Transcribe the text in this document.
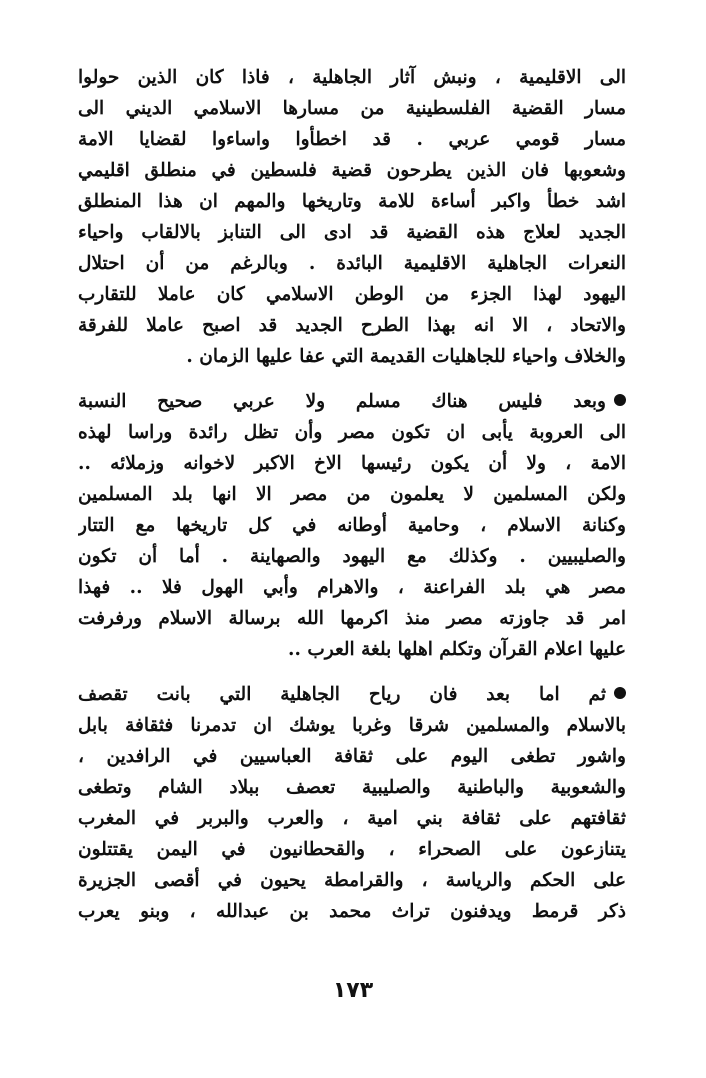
الى الاقليمية ، ونبش آثار الجاهلية ، فاذا كان الذين حولوا
مسار القضية الفلسطينية من مسارها الاسلامي الديني الى
مسار قومي عربي . قد اخطأوا واساءوا لقضايا الامة
وشعوبها فان الذين يطرحون قضية فلسطين في منطلق اقليمي
اشد خطأ واكبر أساءة للامة وتاريخها والمهم ان هذا المنطلق
الجديد لعلاج هذه القضية قد ادى الى التنابز بالالقاب واحياء
النعرات الجاهلية الاقليمية البائدة . وبالرغم من أن احتلال
اليهود لهذا الجزء من الوطن الاسلامي كان عاملا للتقارب
والاتحاد ، الا انه بهذا الطرح الجديد قد اصبح عاملا للفرقة
والخلاف واحياء للجاهليات القديمة التي عفا عليها الزمان .

وبعد فليس هناك مسلم ولا عربي صحيح النسبة
الى العروبة يأبى ان تكون مصر وأن تظل رائدة وراسا لهذه
الامة ، ولا أن يكون رئيسها الاخ الاكبر لاخوانه وزملائه ..
ولكن المسلمين لا يعلمون من مصر الا انها بلد المسلمين
وكنانة الاسلام ، وحامية أوطانه في كل تاريخها مع التتار
والصليبيين . وكذلك مع اليهود والصهاينة . أما أن تكون
مصر هي بلد الفراعنة ، والاهرام وأبي الهول فلا .. فهذا
امر قد جاوزته مصر منذ اكرمها الله برسالة الاسلام ورفرفت
عليها اعلام القرآن وتكلم اهلها بلغة العرب ..

ثم اما بعد فان رياح الجاهلية التي بانت تقصف
بالاسلام والمسلمين شرقا وغربا يوشك ان تدمرنا فثقافة بابل
واشور تطغى اليوم على ثقافة العباسيين في الرافدين ،
والشعوبية والباطنية والصليبية تعصف ببلاد الشام وتطغى
ثقافتهم على ثقافة بني امية ، والعرب والبربر في المغرب
يتنازعون على الصحراء ، والقحطانيون في اليمن يقتتلون
على الحكم والرياسة ، والقرامطة يحيون في أقصى الجزيرة
ذكر قرمط ويدفنون تراث محمد بن عبدالله ، وبنو يعرب

١٧٣
